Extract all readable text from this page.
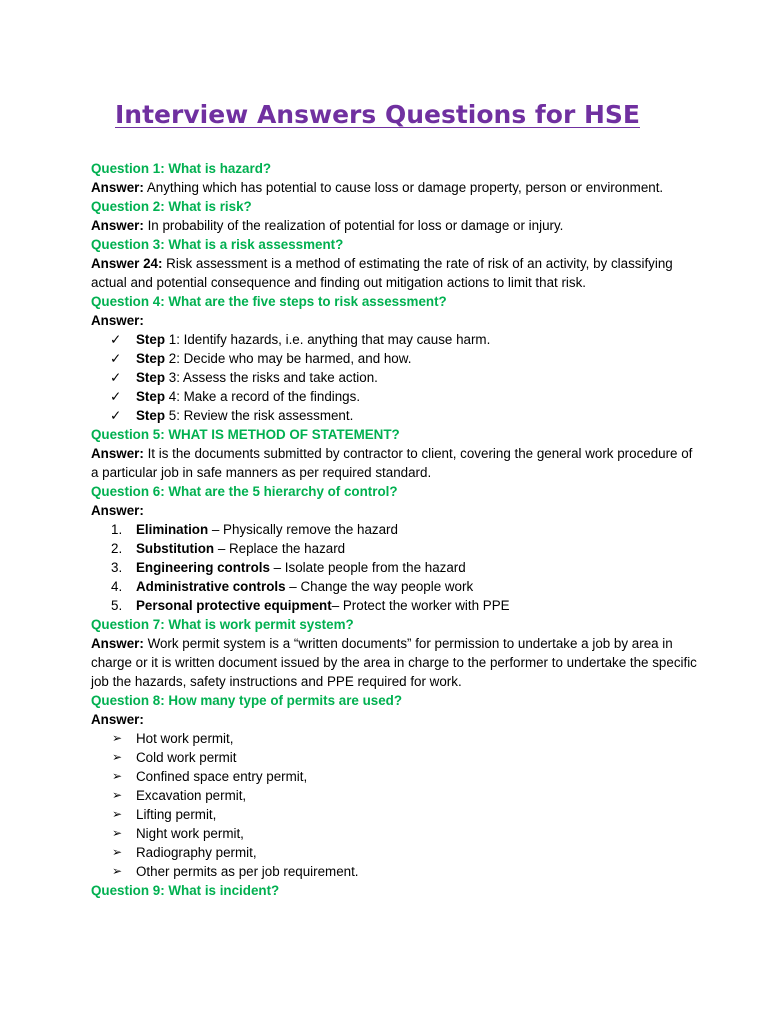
Interview Answers Questions for HSE
Question 1: What is hazard?
Answer: Anything which has potential to cause loss or damage property, person or environment.
Question 2: What is risk?
Answer: In probability of the realization of potential for loss or damage or injury.
Question 3: What is a risk assessment?
Answer 24: Risk assessment is a method of estimating the rate of risk of an activity, by classifying actual and potential consequence and finding out mitigation actions to limit that risk.
Question 4: What are the five steps to risk assessment?
Answer:
✓	Step 1: Identify hazards, i.e. anything that may cause harm.
✓	Step 2: Decide who may be harmed, and how.
✓	Step 3: Assess the risks and take action.
✓	Step 4: Make a record of the findings.
✓	Step 5: Review the risk assessment.
Question 5: WHAT IS METHOD OF STATEMENT?
Answer: It is the documents submitted by contractor to client, covering the general work procedure of a particular job in safe manners as per required standard.
Question 6: What are the 5 hierarchy of control?
Answer:
1.	Elimination – Physically remove the hazard
2.	Substitution – Replace the hazard
3.	Engineering controls – Isolate people from the hazard
4.	Administrative controls – Change the way people work
5.	Personal protective equipment– Protect the worker with PPE
Question 7: What is work permit system?
Answer: Work permit system is a “written documents” for permission to undertake a job by area in charge or it is written document issued by the area in charge to the performer to undertake the specific job the hazards, safety instructions and PPE required for work.
Question 8: How many type of permits are used?
Answer:
➢	Hot work permit,
➢	Cold work permit
➢	Confined space entry permit,
➢	Excavation permit,
➢	Lifting permit,
➢	Night work permit,
➢	Radiography permit,
➢	Other permits as per job requirement.
Question 9: What is incident?
